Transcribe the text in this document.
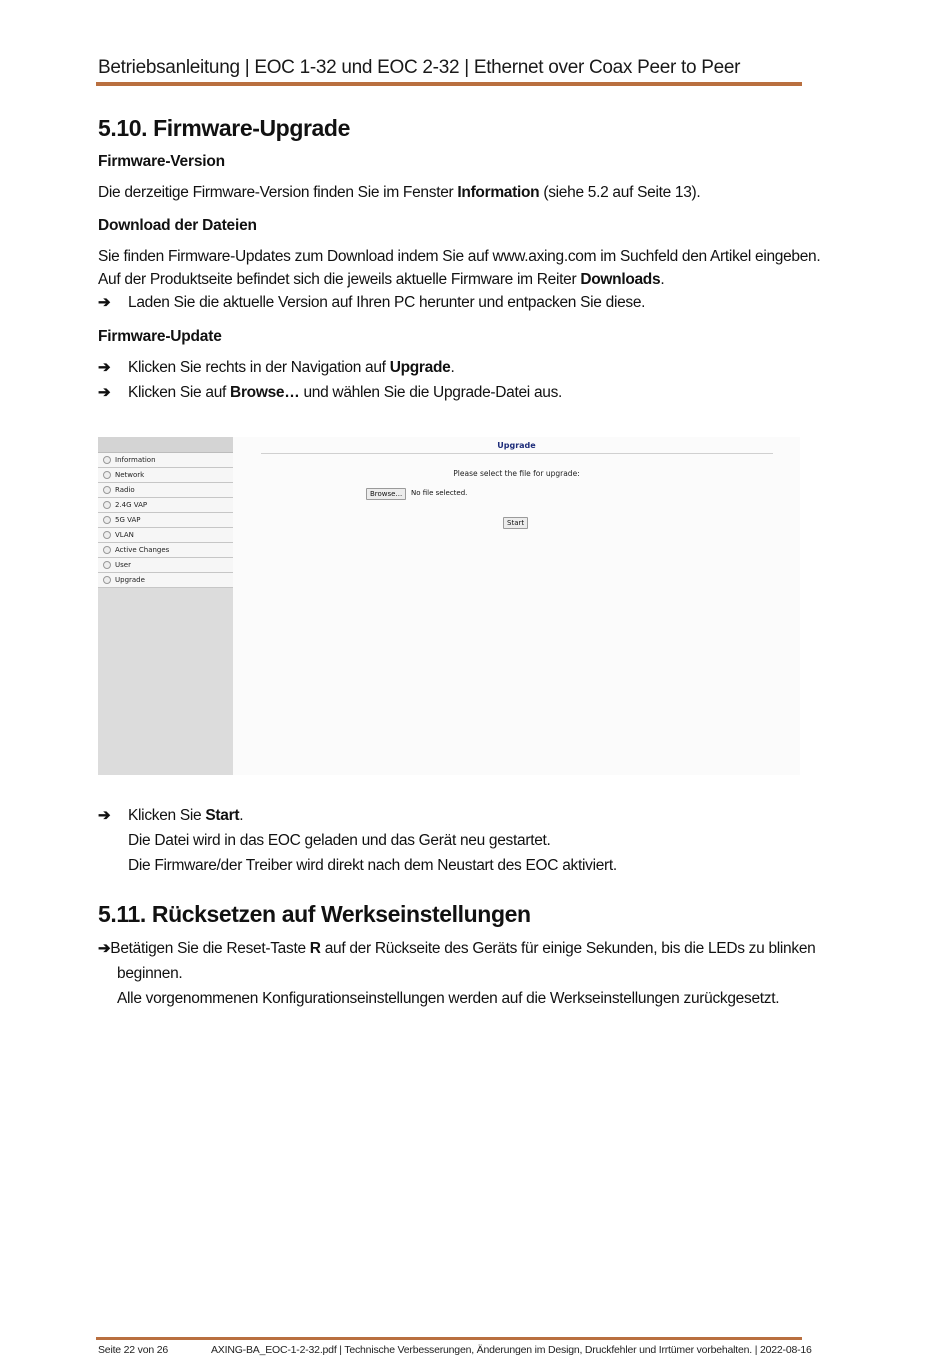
Betriebsanleitung | EOC 1-32 und EOC 2-32 | Ethernet over Coax Peer to Peer
5.10. Firmware-Upgrade
Firmware-Version
Die derzeitige Firmware-Version finden Sie im Fenster Information (siehe 5.2 auf Seite 13).
Download der Dateien
Sie finden Firmware-Updates zum Download indem Sie auf www.axing.com im Suchfeld den Artikel eingeben.
Auf der Produktseite befindet sich die jeweils aktuelle Firmware im Reiter Downloads.
➔ Laden Sie die aktuelle Version auf Ihren PC herunter und entpacken Sie diese.
Firmware-Update
➔ Klicken Sie rechts in der Navigation auf Upgrade.
➔ Klicken Sie auf Browse… und wählen Sie die Upgrade-Datei aus.
Information
Network
Radio
2.4G VAP
5G VAP
VLAN
Active Changes
User
Upgrade
Upgrade
Please select the file for upgrade:
Browse...	No file selected.
Start
➔ Klicken Sie Start.
Die Datei wird in das EOC geladen und das Gerät neu gestartet.
Die Firmware/der Treiber wird direkt nach dem Neustart des EOC aktiviert.
5.11. Rücksetzen auf Werkseinstellungen
➔Betätigen Sie die Reset-Taste R auf der Rückseite des Geräts für einige Sekunden, bis die LEDs zu blinken
beginnen.
Alle vorgenommenen Konfigurationseinstellungen werden auf die Werkseinstellungen zurückgesetzt.
Seite 22 von 26	AXING-BA_EOC-1-2-32.pdf | Technische Verbesserungen, Änderungen im Design, Druckfehler und Irrtümer vorbehalten. | 2022-08-16
